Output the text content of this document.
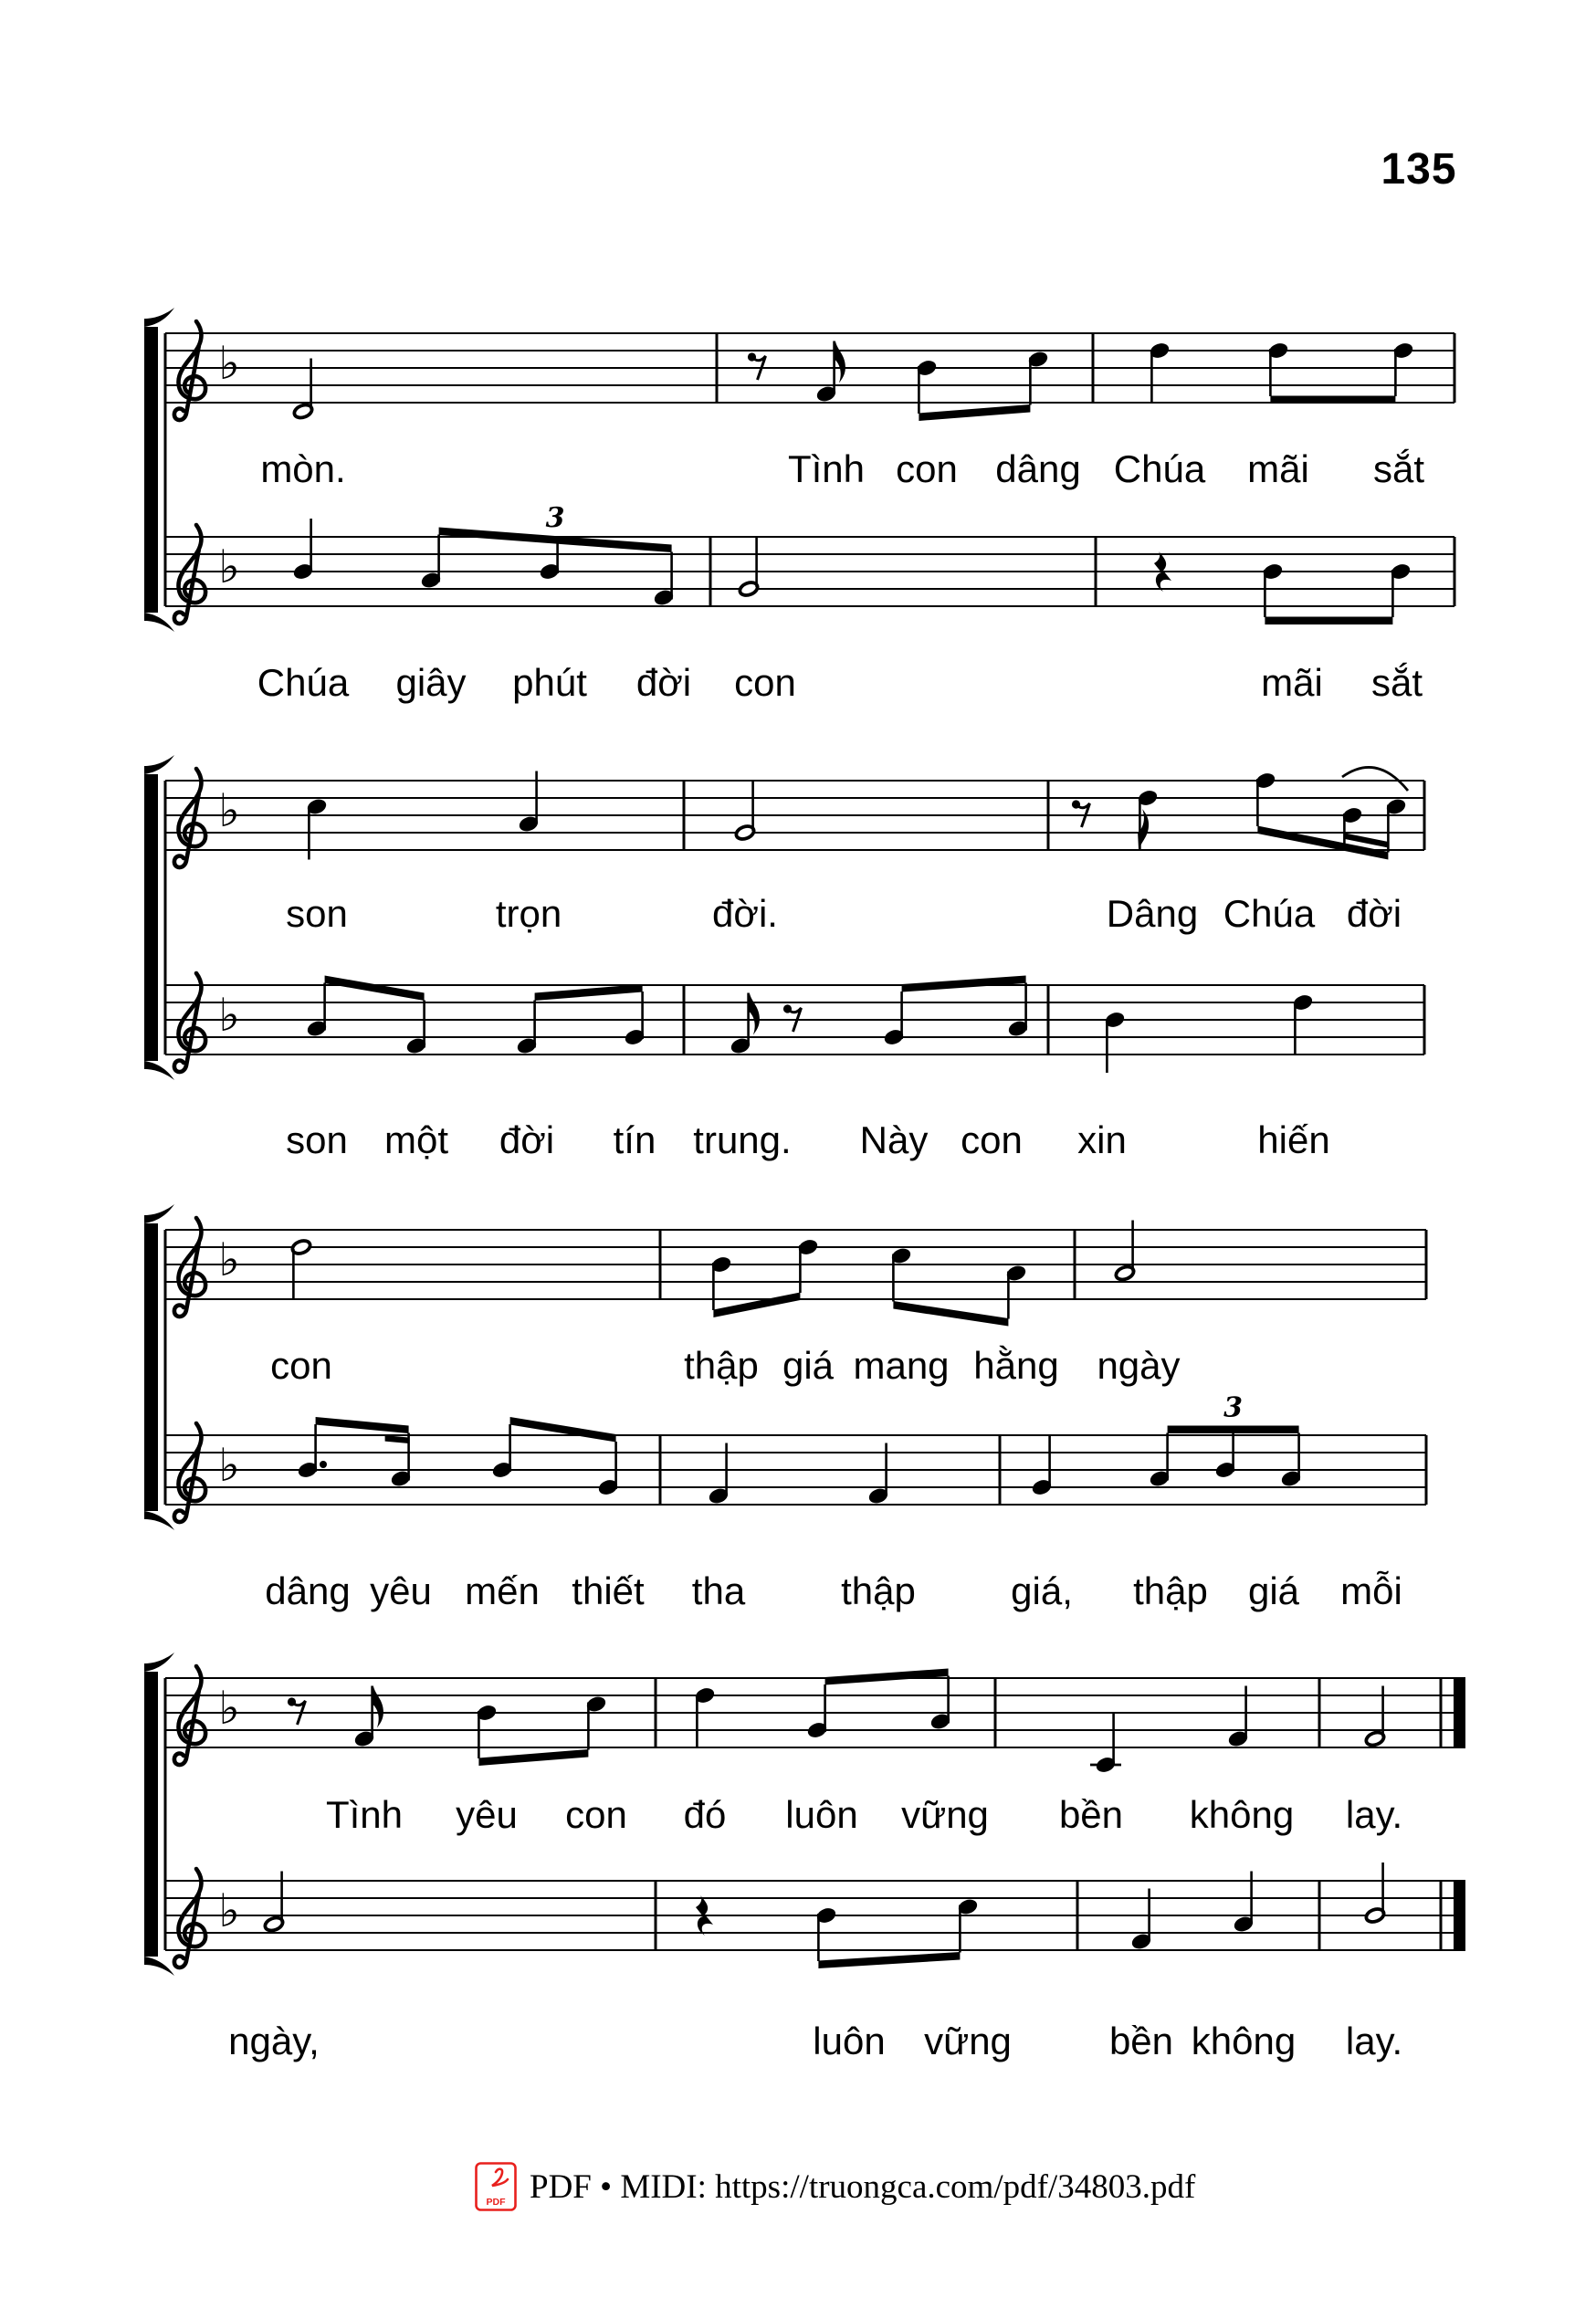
135
♭
mòn.	Tình con dâng Chúa mãi sắt
♭
3
Chúa giây phút đời con	mãi sắt
♭
son	trọn	đời.	Dâng Chúa đời
♭
son một đời tín trung. Này con xin	hiến
♭
con	thập giá mang hằng ngày
♭
3
dâng yêu mến thiết tha thập giá, thập giá mỗi
♭
Tình yêu con đó luôn vững bền không lay.
♭
ngày,	luôn vững	bền không lay.
PDF PDF • MIDI: https://truongca.com/pdf/34803.pdf
